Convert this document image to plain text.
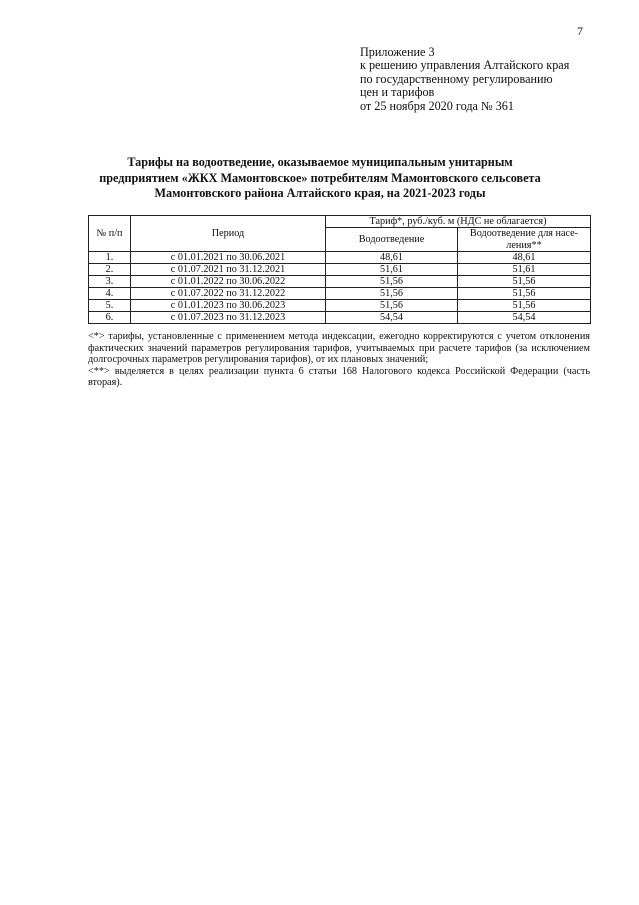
7
Приложение 3
к решению управления Алтайского края
по государственному регулированию
цен и тарифов
от 25 ноября 2020 года № 361
Тарифы на водоотведение, оказываемое муниципальным унитарным
предприятием «ЖКХ Мамонтовское» потребителям Мамонтовского сельсовета
Мамонтовского района Алтайского края, на 2021-2023 годы
№ п/п	Период	Тариф*, руб./куб. м (НДС не облагается)	
		Водоотведение	Водоотведение для насе-ления**
1.	с 01.01.2021 по 30.06.2021	48,61	48,61
2.	с 01.07.2021 по 31.12.2021	51,61	51,61
3.	с 01.01.2022 по 30.06.2022	51,56	51,56
4.	с 01.07.2022 по 31.12.2022	51,56	51,56
5.	с 01.01.2023 по 30.06.2023	51,56	51,56
6.	с 01.07.2023 по 31.12.2023	54,54	54,54

<*> тарифы, установленные с применением метода индексации, ежегодно корректируются с учетом отклонения фактических значений параметров регулирования тарифов, учитываемых при расчете тарифов (за исключением долгосрочных параметров регулирования тарифов), от их плановых значений;

<**> выделяется в целях реализации пункта 6 статьи 168 Налогового кодекса Российской Федерации (часть вторая).
